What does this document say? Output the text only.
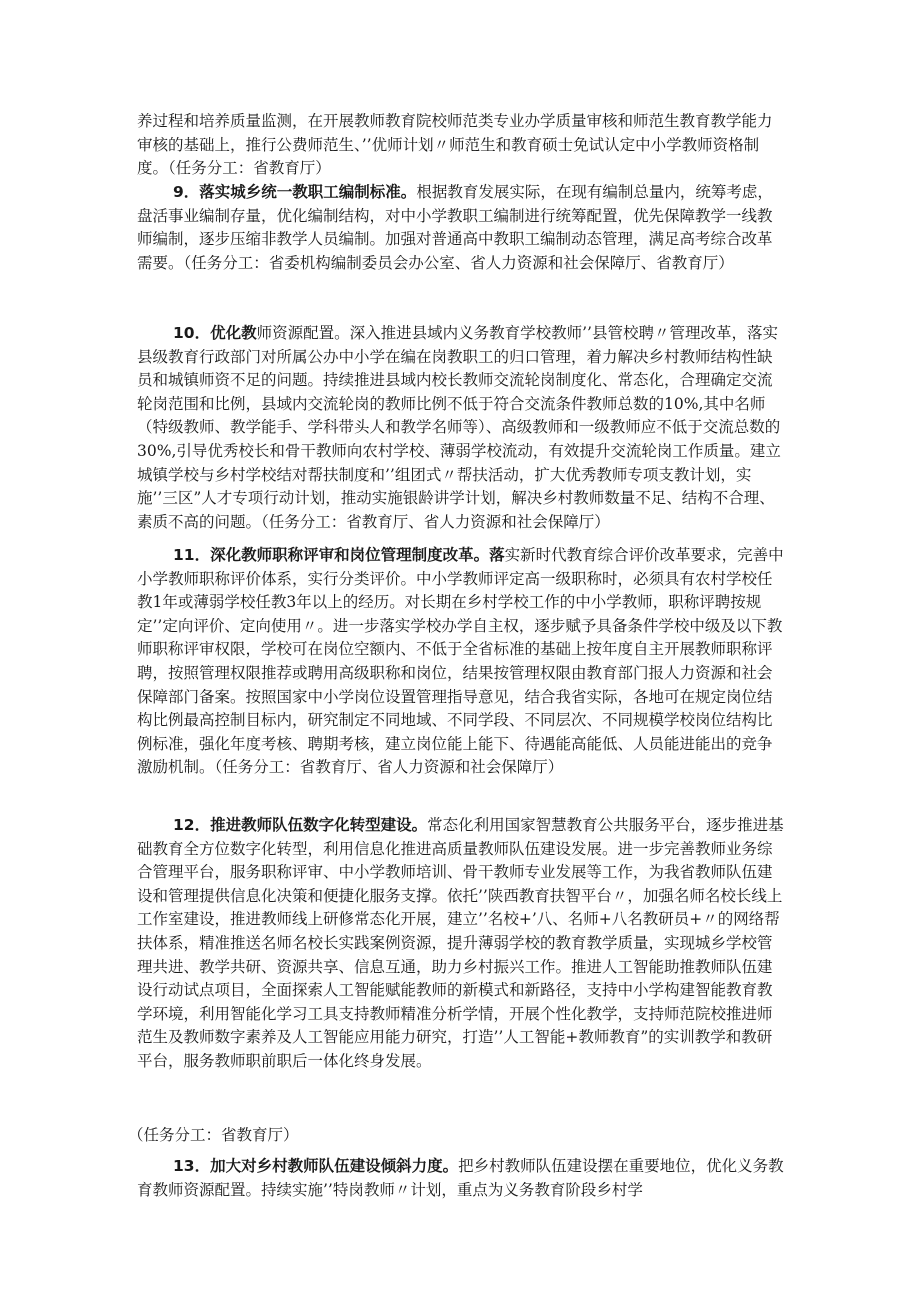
养过程和培养质量监测，在开展教师教育院校师范类专业办学质量审核和师范生教育教学能力审核的基础上，推行公费师范生、’’优师计划〃师范生和教育硕士免试认定中小学教师资格制度。（任务分工：省教育厅）

9．落实城乡统一教职工编制标准。根据教育发展实际，在现有编制总量内，统筹考虑，盘活事业编制存量，优化编制结构，对中小学教职工编制进行统筹配置，优先保障教学一线教师编制，逐步压缩非教学人员编制。加强对普通高中教职工编制动态管理，满足高考综合改革需要。（任务分工：省委机构编制委员会办公室、省人力资源和社会保障厅、省教育厅）

10．优化教师资源配置。深入推进县域内义务教育学校教师’’县管校聘〃管理改革，落实县级教育行政部门对所属公办中小学在编在岗教职工的归口管理，着力解决乡村教师结构性缺员和城镇师资不足的问题。持续推进县域内校长教师交流轮岗制度化、常态化，合理确定交流轮岗范围和比例，县域内交流轮岗的教师比例不低于符合交流条件教师总数的10%,其中名师（特级教师、教学能手、学科带头人和教学名师等）、高级教师和一级教师应不低于交流总数的30%,引导优秀校长和骨干教师向农村学校、薄弱学校流动，有效提升交流轮岗工作质量。建立城镇学校与乡村学校结对帮扶制度和’’组团式〃帮扶活动，扩大优秀教师专项支教计划，实施’’三区”人才专项行动计划，推动实施银龄讲学计划，解决乡村教师数量不足、结构不合理、素质不高的问题。（任务分工：省教育厅、省人力资源和社会保障厅）

11．深化教师职称评审和岗位管理制度改革。落实新时代教育综合评价改革要求，完善中小学教师职称评价体系，实行分类评价。中小学教师评定高一级职称时，必须具有农村学校任教1年或薄弱学校任教3年以上的经历。对长期在乡村学校工作的中小学教师，职称评聘按规定’’定向评价、定向使用〃。进一步落实学校办学自主权，逐步赋予具备条件学校中级及以下教师职称评审权限，学校可在岗位空额内、不低于全省标准的基础上按年度自主开展教师职称评聘，按照管理权限推荐或聘用高级职称和岗位，结果按管理权限由教育部门报人力资源和社会保障部门备案。按照国家中小学岗位设置管理指导意见，结合我省实际，各地可在规定岗位结构比例最高控制目标内，研究制定不同地域、不同学段、不同层次、不同规模学校岗位结构比例标准，强化年度考核、聘期考核，建立岗位能上能下、待遇能高能低、人员能进能出的竞争激励机制。（任务分工：省教育厅、省人力资源和社会保障厅）

12．推进教师队伍数字化转型建设。常态化利用国家智慧教育公共服务平台，逐步推进基础教育全方位数字化转型，利用信息化推进高质量教师队伍建设发展。进一步完善教师业务综合管理平台，服务职称评审、中小学教师培训、骨干教师专业发展等工作，为我省教师队伍建设和管理提供信息化决策和便捷化服务支撑。依托’’陕西教育扶智平台〃，加强名师名校长线上工作室建设，推进教师线上研修常态化开展，建立’’名校+’八、名师+八名教研员+〃的网络帮扶体系，精准推送名师名校长实践案例资源，提升薄弱学校的教育教学质量，实现城乡学校管理共进、教学共研、资源共享、信息互通，助力乡村振兴工作。推进人工智能助推教师队伍建设行动试点项目，全面探索人工智能赋能教师的新模式和新路径，支持中小学构建智能教育教学环境，利用智能化学习工具支持教师精准分析学情，开展个性化教学，支持师范院校推进师范生及教师数字素养及人工智能应用能力研究，打造’’人工智能+教师教育”的实训教学和教研平台，服务教师职前职后一体化终身发展。

（任务分工：省教育厅）

13．加大对乡村教师队伍建设倾斜力度。把乡村教师队伍建设摆在重要地位，优化义务教育教师资源配置。持续实施’’特岗教师〃计划，重点为义务教育阶段乡村学
